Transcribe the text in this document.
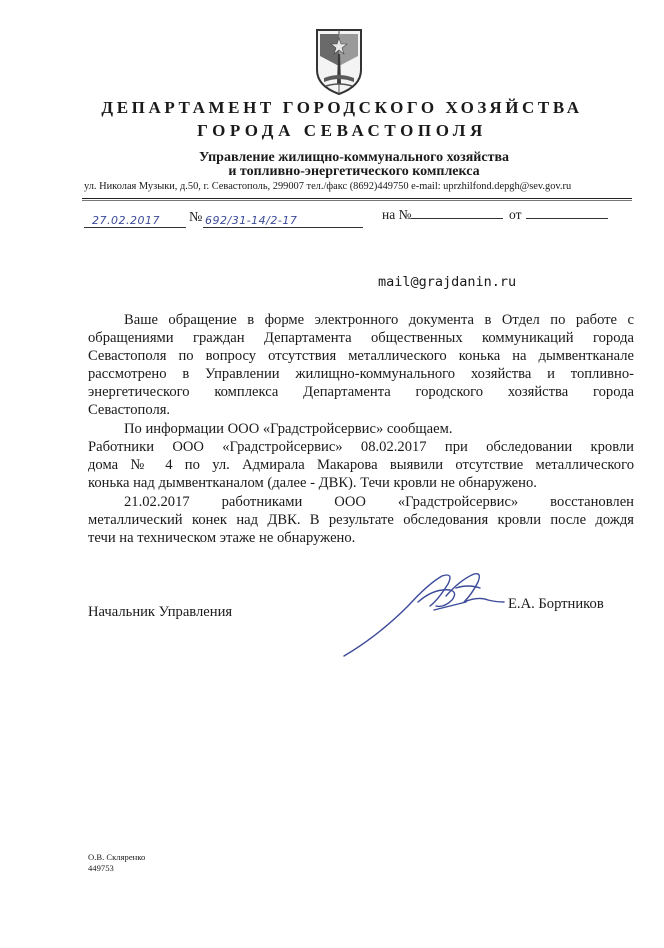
ДЕПАРТАМЕНТ ГОРОДСКОГО ХОЗЯЙСТВА
ГОРОДА СЕВАСТОПОЛЯ
Управление жилищно-коммунального хозяйства
и топливно-энергетического комплекса
ул. Николая Музыки, д.50, г. Севастополь, 299007 тел./факс (8692)449750 e-mail: uprzhilfond.depgh@sev.gov.ru
27.02.2017 № 692/31-14/2-17	на №	от
mail@grajdanin.ru
Ваше обращение в форме электронного документа в Отдел по работе с
обращениями граждан Департамента общественных коммуникаций города
Севастополя по вопросу отсутствия металлического конька на дымвентканале
рассмотрено в Управлении жилищно-коммунального хозяйства и топливно-
энергетического комплекса Департамента городского хозяйства города
Севастополя.
По информации ООО «Градстройсервис» сообщаем.
Работники ООО «Градстройсервис» 08.02.2017 при обследовании кровли
дома № 4 по ул. Адмирала Макарова выявили отсутствие металлического
конька над дымвентканалом (далее - ДВК). Течи кровли не обнаружено.
21.02.2017 работниками ООО «Градстройсервис» восстановлен
металлический конек над ДВК. В результате обследования кровли после дождя
течи на техническом этаже не обнаружено.
Начальник Управления	Е.А. Бортников
О.В. Скляренко
449753
